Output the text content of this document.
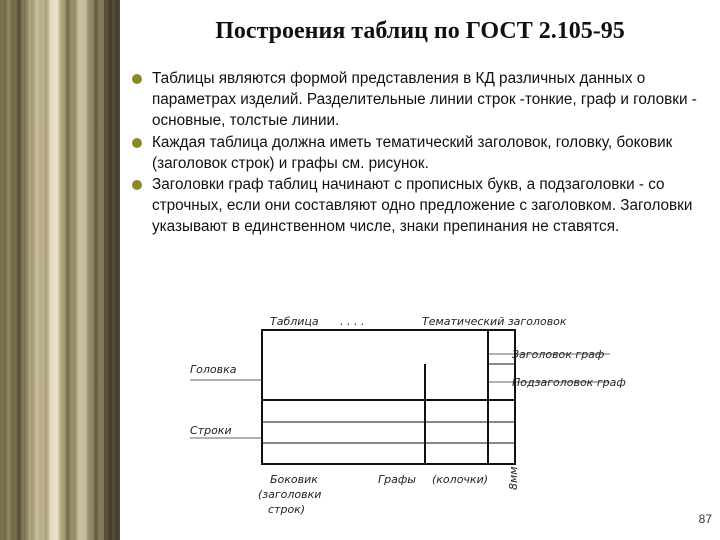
Построения таблиц по ГОСТ 2.105-95
Таблицы являются формой представления в КД различных данных о параметрах изделий. Разделительные линии строк -тонкие, граф и головки - основные, толстые линии.
Каждая таблица должна иметь тематический заголовок, головку, боковик (заголовок строк) и графы см. рисунок.
Заголовки граф таблиц начинают с прописных букв, а подзаголовки - со строчных, если они составляют одно предложение с заголовком. Заголовки указывают в единственном числе, знаки препинания не ставятся.
Таблица . . . .	Тематический заголовок
Головка
Строки
Заголовок граф
Подзаголовок граф
8мм
Боковик
(заголовки
строк)
Графы (колочки)
87
